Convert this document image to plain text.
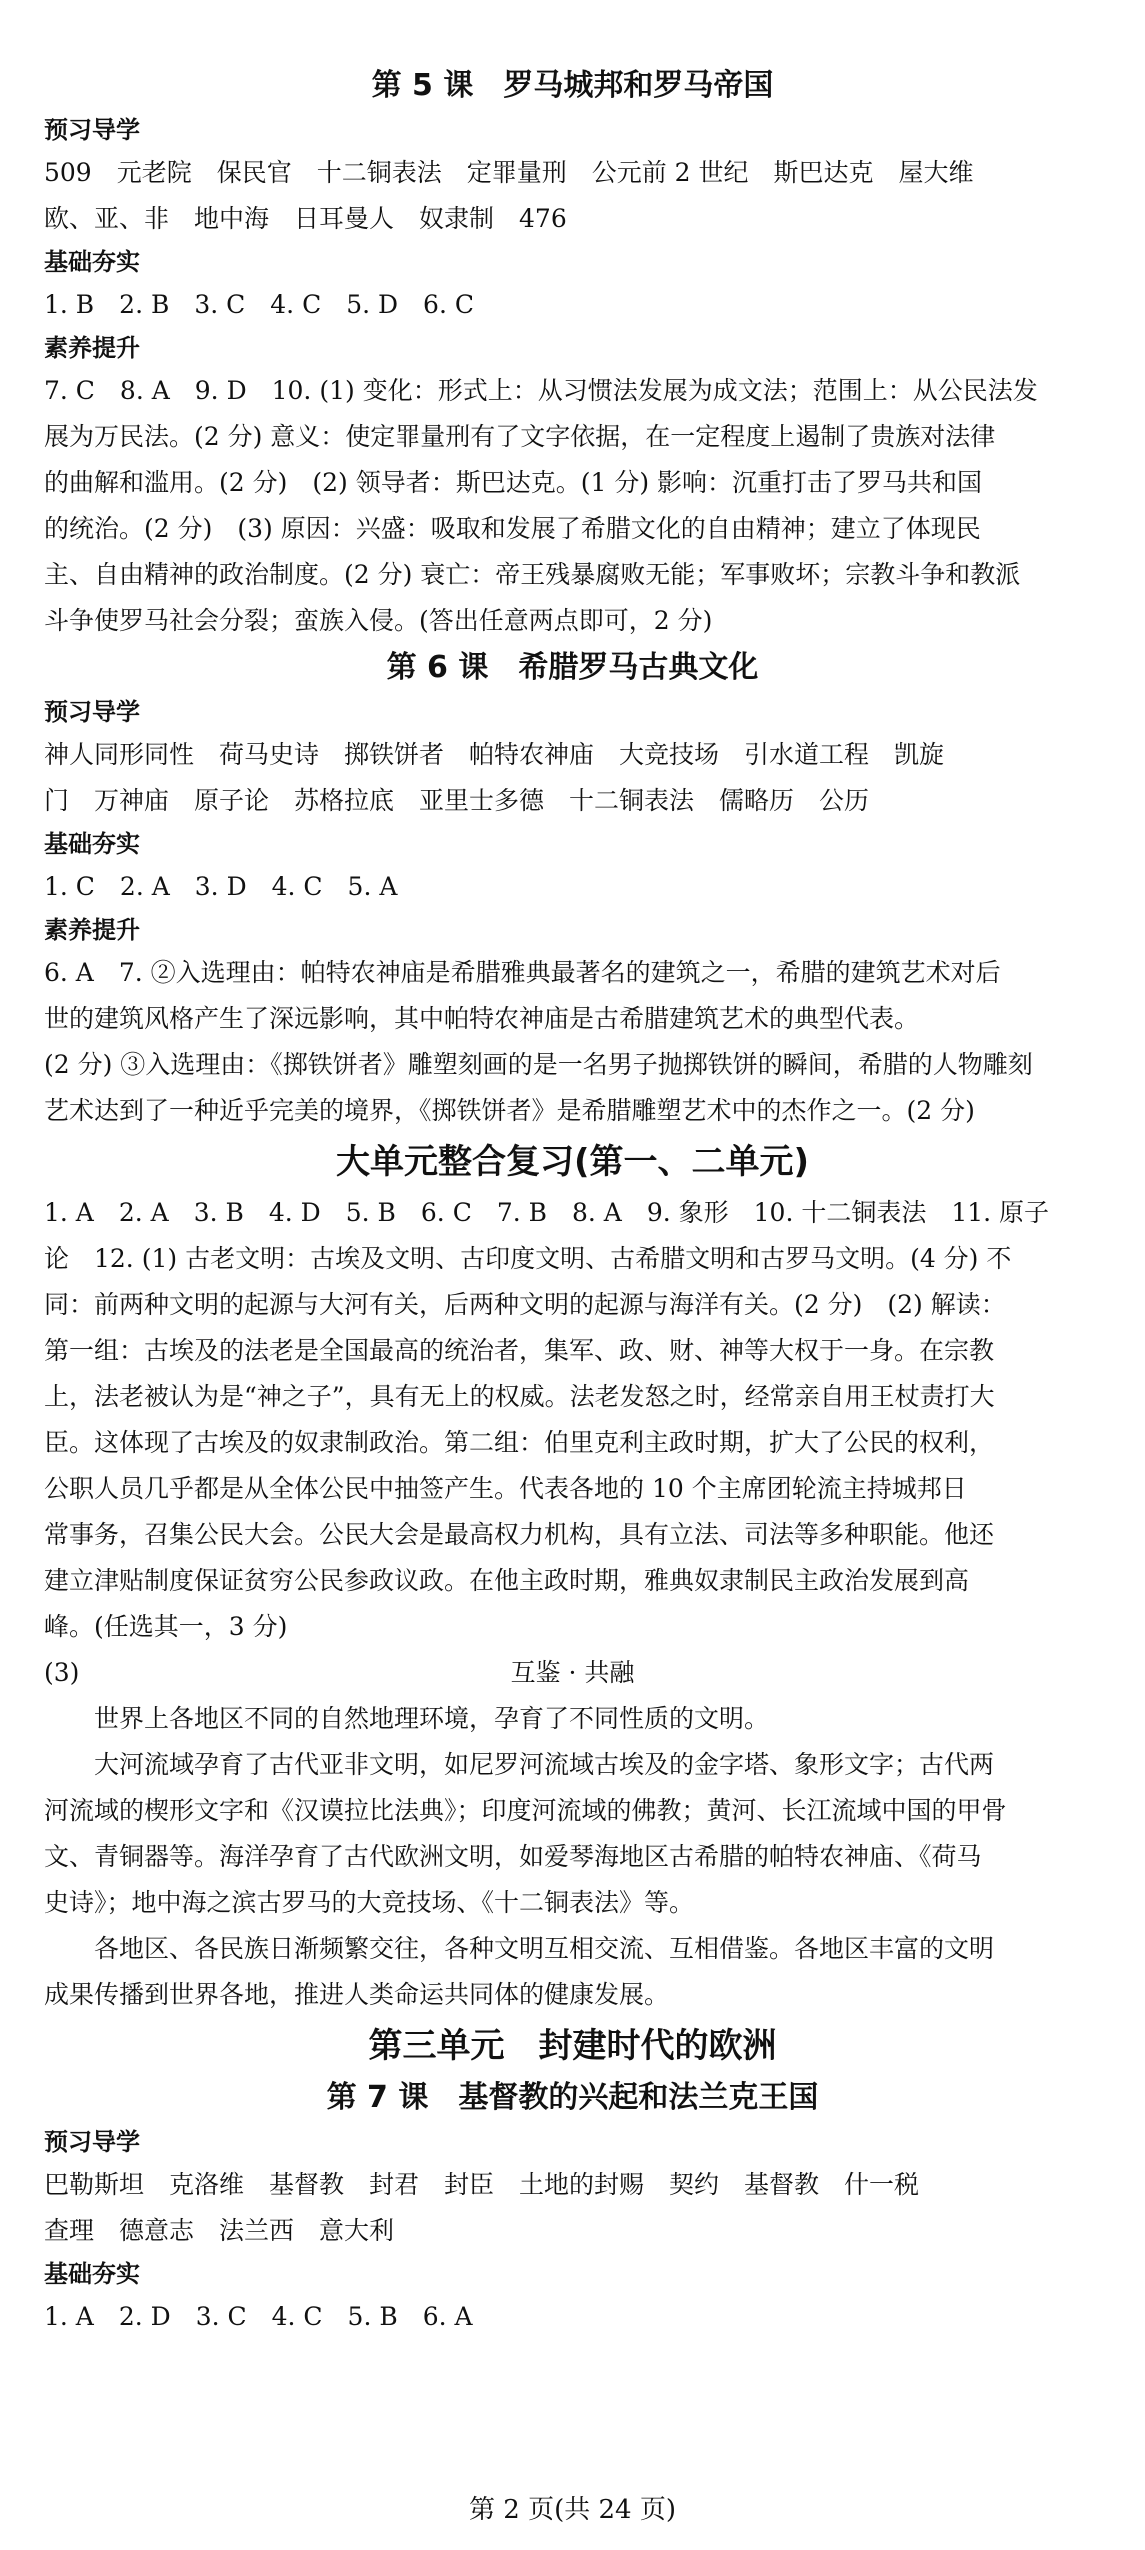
第 5 课　罗马城邦和罗马帝国
预习导学

509　元老院　保民官　十二铜表法　定罪量刑　公元前 2 世纪　斯巴达克　屋大维

欧、亚、非　地中海　日耳曼人　奴隶制　476

基础夯实

1. B　2. B　3. C　4. C　5. D　6. C

素养提升

7. C　8. A　9. D　10. (1) 变化：形式上：从习惯法发展为成文法；范围上：从公民法发

展为万民法。(2 分) 意义：使定罪量刑有了文字依据，在一定程度上遏制了贵族对法律

的曲解和滥用。(2 分)　(2) 领导者：斯巴达克。(1 分) 影响：沉重打击了罗马共和国

的统治。(2 分)　(3) 原因：兴盛：吸取和发展了希腊文化的自由精神；建立了体现民

主、自由精神的政治制度。(2 分) 衰亡：帝王残暴腐败无能；军事败坏；宗教斗争和教派

斗争使罗马社会分裂；蛮族入侵。(答出任意两点即可，2 分)

第 6 课　希腊罗马古典文化
预习导学

神人同形同性　荷马史诗　掷铁饼者　帕特农神庙　大竞技场　引水道工程　凯旋

门　万神庙　原子论　苏格拉底　亚里士多德　十二铜表法　儒略历　公历

基础夯实

1. C　2. A　3. D　4. C　5. A

素养提升

6. A　7. ②入选理由：帕特农神庙是希腊雅典最著名的建筑之一，希腊的建筑艺术对后

世的建筑风格产生了深远影响，其中帕特农神庙是古希腊建筑艺术的典型代表。

(2 分) ③入选理由：《掷铁饼者》雕塑刻画的是一名男子抛掷铁饼的瞬间，希腊的人物雕刻

艺术达到了一种近乎完美的境界，《掷铁饼者》是希腊雕塑艺术中的杰作之一。(2 分)

大单元整合复习(第一、二单元)

1. A　2. A　3. B　4. D　5. B　6. C　7. B　8. A　9. 象形　10. 十二铜表法　11. 原子

论　12. (1) 古老文明：古埃及文明、古印度文明、古希腊文明和古罗马文明。(4 分) 不

同：前两种文明的起源与大河有关，后两种文明的起源与海洋有关。(2 分)　(2) 解读：

第一组：古埃及的法老是全国最高的统治者，集军、政、财、神等大权于一身。在宗教

上，法老被认为是“神之子”，具有无上的权威。法老发怒之时，经常亲自用王杖责打大

臣。这体现了古埃及的奴隶制政治。第二组：伯里克利主政时期，扩大了公民的权利，

公职人员几乎都是从全体公民中抽签产生。代表各地的 10 个主席团轮流主持城邦日

常事务，召集公民大会。公民大会是最高权力机构，具有立法、司法等多种职能。他还

建立津贴制度保证贫穷公民参政议政。在他主政时期，雅典奴隶制民主政治发展到高

峰。(任选其一，3 分)

(3)	互鉴 · 共融

世界上各地区不同的自然地理环境，孕育了不同性质的文明。

大河流域孕育了古代亚非文明，如尼罗河流域古埃及的金字塔、象形文字；古代两

河流域的楔形文字和《汉谟拉比法典》；印度河流域的佛教；黄河、长江流域中国的甲骨

文、青铜器等。海洋孕育了古代欧洲文明，如爱琴海地区古希腊的帕特农神庙、《荷马

史诗》；地中海之滨古罗马的大竞技场、《十二铜表法》等。

各地区、各民族日渐频繁交往，各种文明互相交流、互相借鉴。各地区丰富的文明

成果传播到世界各地，推进人类命运共同体的健康发展。

第三单元　封建时代的欧洲
第 7 课　基督教的兴起和法兰克王国
预习导学

巴勒斯坦　克洛维　基督教　封君　封臣　土地的封赐　契约　基督教　什一税

查理　德意志　法兰西　意大利

基础夯实

1. A　2. D　3. C　4. C　5. B　6. A

第 2 页(共 24 页)
